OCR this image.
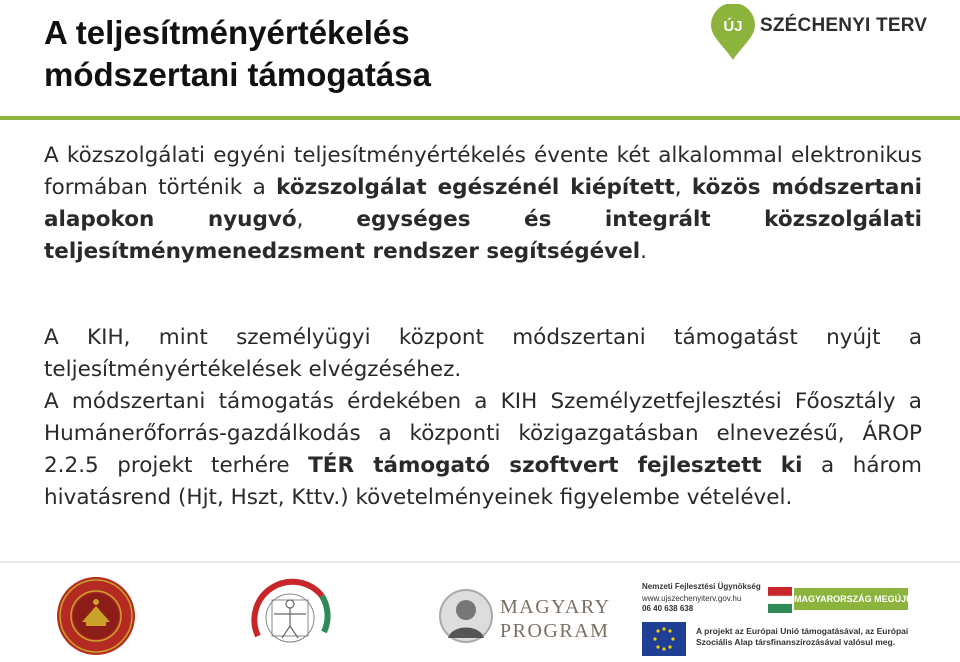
A teljesítményértékelés
módszertani támogatása
ÚJ SZÉCHENYI TERV

A közszolgálati egyéni teljesítményértékelés évente két alkalommal elektronikus formában történik a közszolgálat egészénél kiépített, közös módszertani alapokon nyugvó, egységes és integrált közszolgálati teljesítménymenedzsment rendszer segítségével.

A KIH, mint személyügyi központ módszertani támogatást nyújt a teljesítményértékelések elvégzéséhez.

A módszertani támogatás érdekében a KIH Személyzetfejlesztési Főosztály a Humánerőforrás-gazdálkodás a központi közigazgatásban elnevezésű, ÁROP 2.2.5 projekt terhére TÉR támogató szoftvert fejlesztett ki a három hivatásrend (Hjt, Hszt, Kttv.) követelményeinek figyelembe vételével.

MAGYARY
PROGRAM
Nemzeti Fejlesztési Ügynökség
www.ujszechenyiterv.gov.hu
06 40 638 638
MAGYARORSZÁG MEGÚJUL
A projekt az Európai Unió támogatásával, az Európai Szociális Alap társfinanszírozásával valósul meg.
